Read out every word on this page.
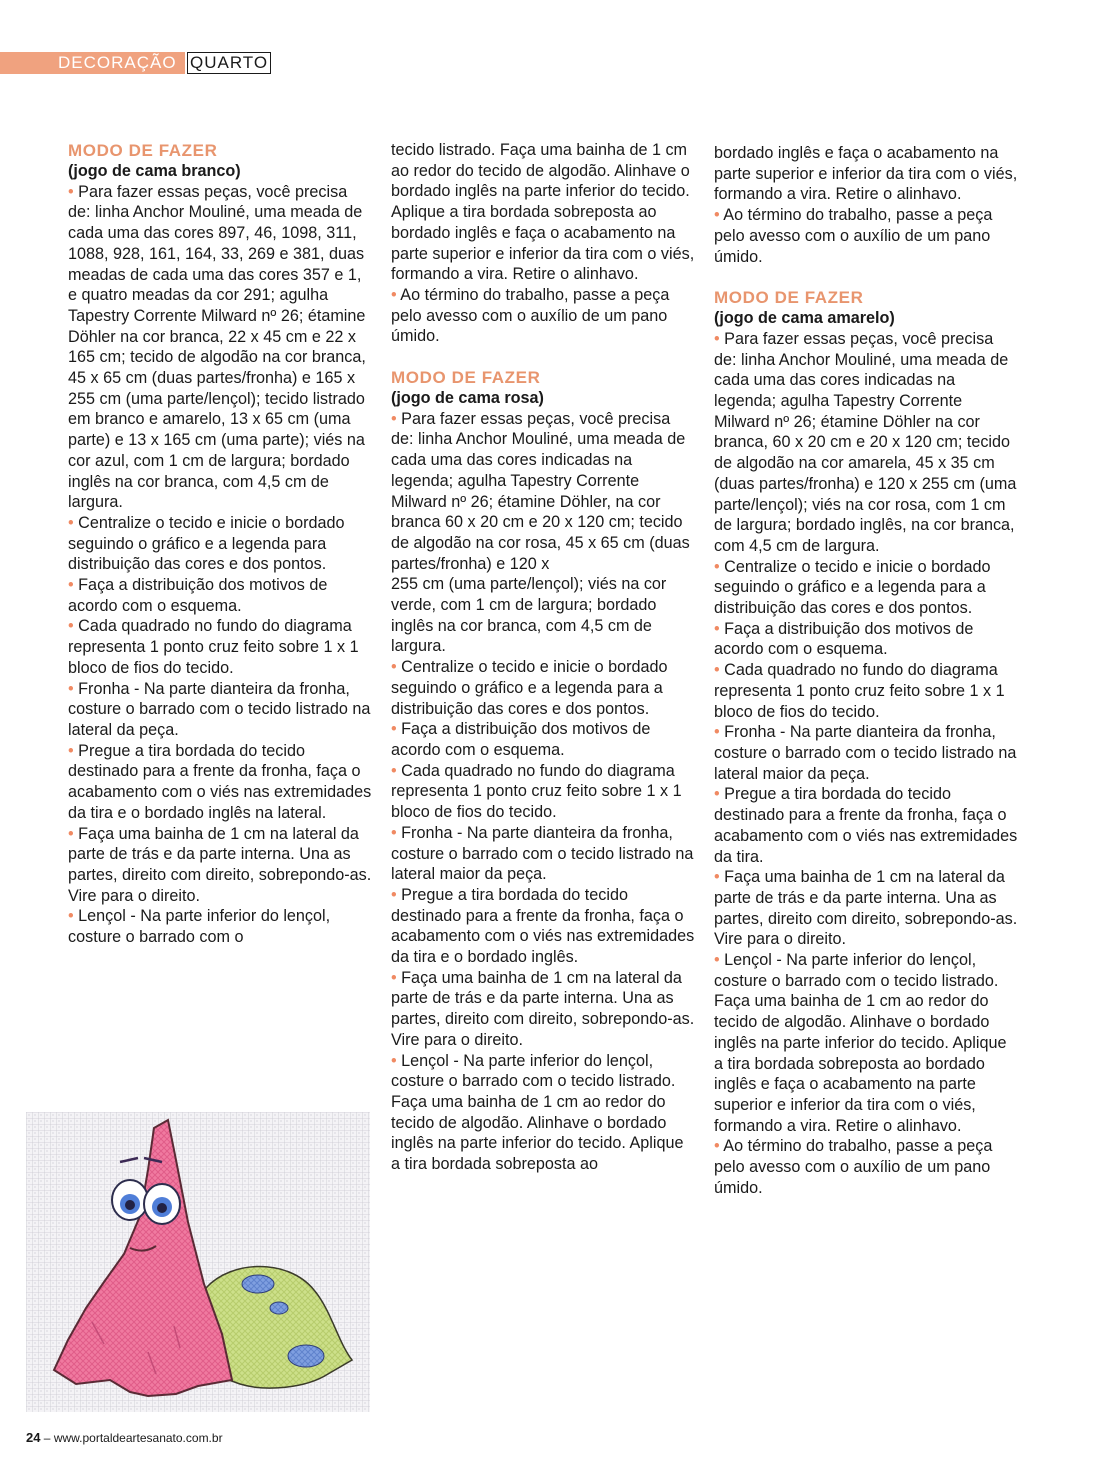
DECORAÇÃO QUARTO
MODO DE FAZER

(jogo de cama branco)

• Para fazer essas peças, você precisa de: linha Anchor Mouliné, uma meada de cada uma das cores 897, 46, 1098, 311, 1088, 928, 161, 164, 33, 269 e 381, duas meadas de cada uma das cores 357 e 1, e quatro meadas da cor 291; agulha Tapestry Corrente Milward nº 26; étamine Döhler na cor branca, 22 x 45 cm e 22 x 165 cm; tecido de algodão na cor branca, 45 x 65 cm (duas partes/fronha) e 165 x 255 cm (uma parte/lençol); tecido listrado em branco e amarelo, 13 x 65 cm (uma parte) e 13 x 165 cm (uma parte); viés na cor azul, com 1 cm de largura; bordado inglês na cor branca, com 4,5 cm de largura.

• Centralize o tecido e inicie o bordado seguindo o gráfico e a legenda para distribuição das cores e dos pontos.

• Faça a distribuição dos motivos de acordo com o esquema.

• Cada quadrado no fundo do diagrama representa 1 ponto cruz feito sobre 1 x 1 bloco de fios do tecido.

• Fronha - Na parte dianteira da fronha, costure o barrado com o tecido listrado na lateral da peça.

• Pregue a tira bordada do tecido destinado para a frente da fronha, faça o acabamento com o viés nas extremidades da tira e o bordado inglês na lateral.

• Faça uma bainha de 1 cm na lateral da parte de trás e da parte interna. Una as partes, direito com direito, sobrepondo-as. Vire para o direito.

• Lençol - Na parte inferior do lençol, costure o barrado com o

tecido listrado. Faça uma bainha de 1 cm ao redor do tecido de algodão. Alinhave o bordado inglês na parte inferior do tecido. Aplique a tira bordada sobreposta ao bordado inglês e faça o acabamento na parte superior e inferior da tira com o viés, formando a vira. Retire o alinhavo.

• Ao término do trabalho, passe a peça pelo avesso com o auxílio de um pano úmido.

MODO DE FAZER

(jogo de cama rosa)

• Para fazer essas peças, você precisa de: linha Anchor Mouliné, uma meada de cada uma das cores indicadas na legenda; agulha Tapestry Corrente Milward nº 26; étamine Döhler, na cor branca 60 x 20 cm e 20 x 120 cm; tecido de algodão na cor rosa, 45 x 65 cm (duas partes/fronha) e 120 x

255 cm (uma parte/lençol); viés na cor verde, com 1 cm de largura; bordado inglês na cor branca, com 4,5 cm de largura.

• Centralize o tecido e inicie o bordado seguindo o gráfico e a legenda para a distribuição das cores e dos pontos.

• Faça a distribuição dos motivos de acordo com o esquema.

• Cada quadrado no fundo do diagrama representa 1 ponto cruz feito sobre 1 x 1 bloco de fios do tecido.

• Fronha - Na parte dianteira da fronha, costure o barrado com o tecido listrado na lateral maior da peça.

• Pregue a tira bordada do tecido destinado para a frente da fronha, faça o acabamento com o viés nas extremidades da tira e o bordado inglês.

• Faça uma bainha de 1 cm na lateral da parte de trás e da parte interna. Una as partes, direito com direito, sobrepondo-as. Vire para o direito.

• Lençol - Na parte inferior do lençol, costure o barrado com o tecido listrado. Faça uma bainha de 1 cm ao redor do tecido de algodão. Alinhave o bordado inglês na parte inferior do tecido. Aplique a tira bordada sobreposta ao

bordado inglês e faça o acabamento na parte superior e inferior da tira com o viés, formando a vira. Retire o alinhavo.

• Ao término do trabalho, passe a peça pelo avesso com o auxílio de um pano úmido.

MODO DE FAZER

(jogo de cama amarelo)

• Para fazer essas peças, você precisa de: linha Anchor Mouliné, uma meada de cada uma das cores indicadas na legenda; agulha Tapestry Corrente Milward nº 26; étamine Döhler na cor branca, 60 x 20 cm e 20 x 120 cm; tecido de algodão na cor amarela, 45 x 35 cm (duas partes/fronha) e 120 x 255 cm (uma parte/lençol); viés na cor rosa, com 1 cm de largura; bordado inglês, na cor branca, com 4,5 cm de largura.

• Centralize o tecido e inicie o bordado seguindo o gráfico e a legenda para a distribuição das cores e dos pontos.

• Faça a distribuição dos motivos de acordo com o esquema.

• Cada quadrado no fundo do diagrama representa 1 ponto cruz feito sobre 1 x 1 bloco de fios do tecido.

• Fronha - Na parte dianteira da fronha, costure o barrado com o tecido listrado na lateral maior da peça.

• Pregue a tira bordada do tecido destinado para a frente da fronha, faça o acabamento com o viés nas extremidades da tira.

• Faça uma bainha de 1 cm na lateral da parte de trás e da parte interna. Una as partes, direito com direito, sobrepondo-as. Vire para o direito.

• Lençol - Na parte inferior do lençol, costure o barrado com o tecido listrado. Faça uma bainha de 1 cm ao redor do tecido de algodão. Alinhave o bordado inglês na parte inferior do tecido. Aplique a tira bordada sobreposta ao bordado inglês e faça o acabamento na parte superior e inferior da tira com o viés, formando a vira. Retire o alinhavo.

• Ao término do trabalho, passe a peça pelo avesso com o auxílio de um pano úmido.

24 – www.portaldeartesanato.com.br
